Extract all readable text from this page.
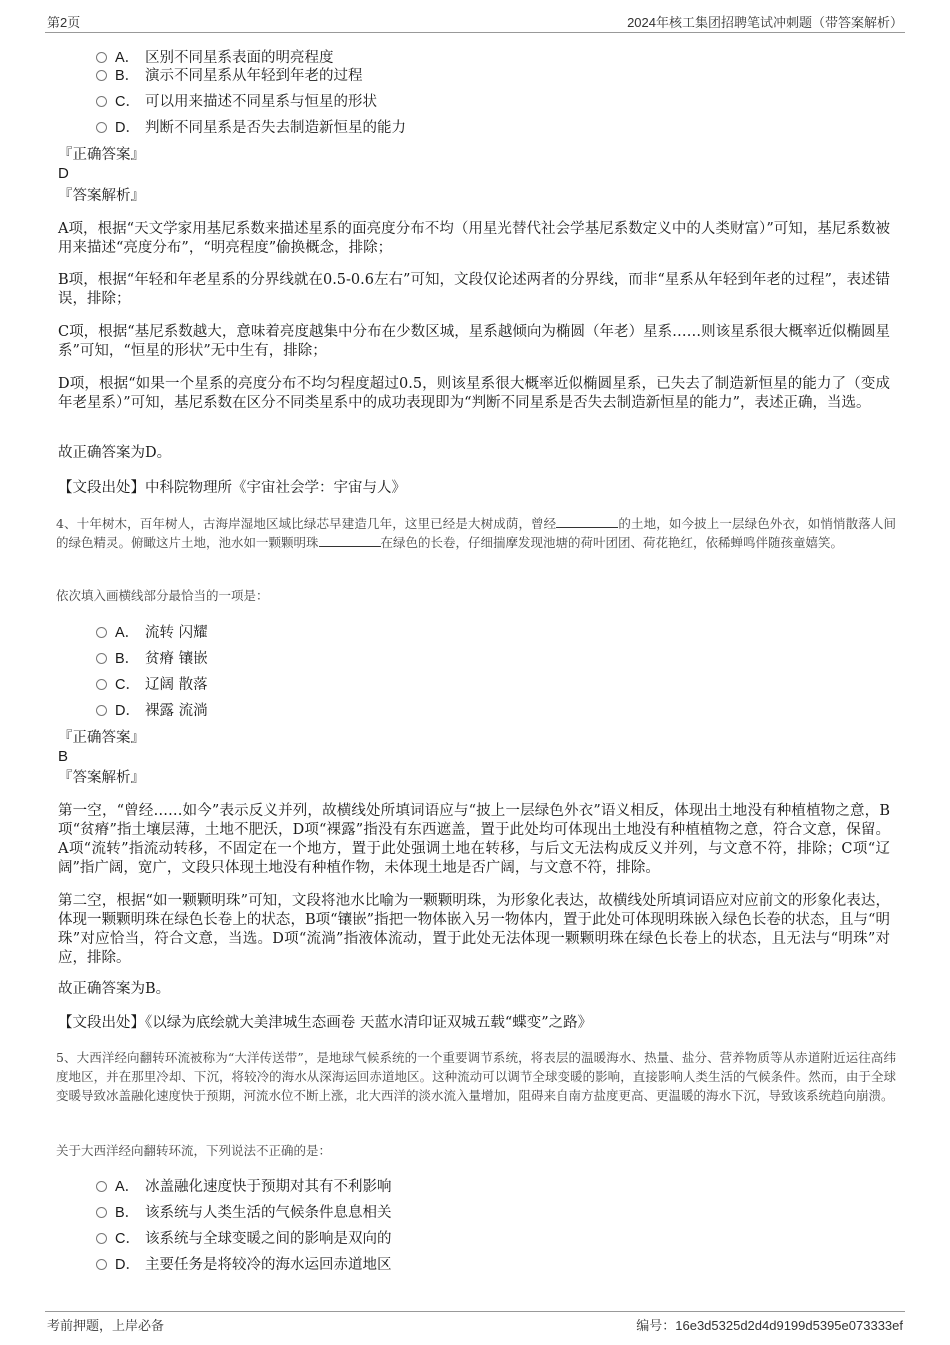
第2页	2024年核工集团招聘笔试冲刺题（带答案解析）
A． 区别不同星系表面的明亮程度
B． 演示不同星系从年轻到年老的过程
C． 可以用来描述不同星系与恒星的形状
D． 判断不同星系是否失去制造新恒星的能力
『正确答案』
D
『答案解析』
A项，根据“天文学家用基尼系数来描述星系的面亮度分布不均（用星光替代社会学基尼系数定义中的人类财富）”可知，基尼系数被用来描述“亮度分布”，“明亮程度”偷换概念，排除；
B项，根据“年轻和年老星系的分界线就在0.5-0.6左右”可知，文段仅论述两者的分界线，而非“星系从年轻到年老的过程”，表述错误，排除；
C项，根据“基尼系数越大，意味着亮度越集中分布在少数区城，星系越倾向为椭圆（年老）星系……则该星系很大概率近似椭圆星系”可知，“恒星的形状”无中生有，排除；
D项，根据“如果一个星系的亮度分布不均匀程度超过0.5，则该星系很大概率近似椭圆星系，已失去了制造新恒星的能力了（变成年老星系）”可知，基尼系数在区分不同类星系中的成功表现即为“判断不同星系是否失去制造新恒星的能力”，表述正确，当选。
故正确答案为D。
【文段出处】中科院物理所《宇宙社会学：宇宙与人》
4、十年树木，百年树人，古海岸湿地区域比绿芯早建造几年，这里已经是大树成荫，曾经	的土地，如今披上一层绿色外衣，如悄悄散落人间的绿色精灵。俯瞰这片土地，池水如一颗颗明珠	在绿色的长卷，仔细揣摩发现池塘的荷叶团团、荷花艳红，依稀蝉鸣伴随孩童嬉笑。
依次填入画横线部分最恰当的一项是：
A． 流转 闪耀
B． 贫瘠 镶嵌
C． 辽阔 散落
D． 裸露 流淌
『正确答案』
B
『答案解析』
第一空，“曾经……如今”表示反义并列，故横线处所填词语应与“披上一层绿色外衣”语义相反，体现出土地没有种植植物之意，B项“贫瘠”指土壤层薄，土地不肥沃，D项“裸露”指没有东西遮盖，置于此处均可体现出土地没有种植植物之意，符合文意，保留。A项“流转”指流动转移，不固定在一个地方，置于此处强调土地在转移，与后文无法构成反义并列，与文意不符，排除；C项“辽阔”指广阔，宽广，文段只体现土地没有种植作物，未体现土地是否广阔，与文意不符，排除。
第二空，根据“如一颗颗明珠”可知，文段将池水比喻为一颗颗明珠，为形象化表达，故横线处所填词语应对应前文的形象化表达，体现一颗颗明珠在绿色长卷上的状态，B项“镶嵌”指把一物体嵌入另一物体内，置于此处可体现明珠嵌入绿色长卷的状态，且与“明珠”对应恰当，符合文意，当选。D项“流淌”指液体流动，置于此处无法体现一颗颗明珠在绿色长卷上的状态，且无法与“明珠”对应，排除。
故正确答案为B。
【文段出处】《以绿为底绘就大美津城生态画卷 天蓝水清印证双城五载“蝶变”之路》
5、大西洋经向翻转环流被称为“大洋传送带”，是地球气候系统的一个重要调节系统，将表层的温暖海水、热量、盐分、营养物质等从赤道附近运往高纬度地区，并在那里冷却、下沉，将较冷的海水从深海运回赤道地区。这种流动可以调节全球变暖的影响，直接影响人类生活的气候条件。然而，由于全球变暖导致冰盖融化速度快于预期，河流水位不断上涨，北大西洋的淡水流入量增加，阻碍来自南方盐度更高、更温暖的海水下沉，导致该系统趋向崩溃。
关于大西洋经向翻转环流，下列说法不正确的是：
A． 冰盖融化速度快于预期对其有不利影响
B． 该系统与人类生活的气候条件息息相关
C． 该系统与全球变暖之间的影响是双向的
D． 主要任务是将较冷的海水运回赤道地区
考前押题，上岸必备	编号：16e3d5325d2d4d9199d5395e073333ef
